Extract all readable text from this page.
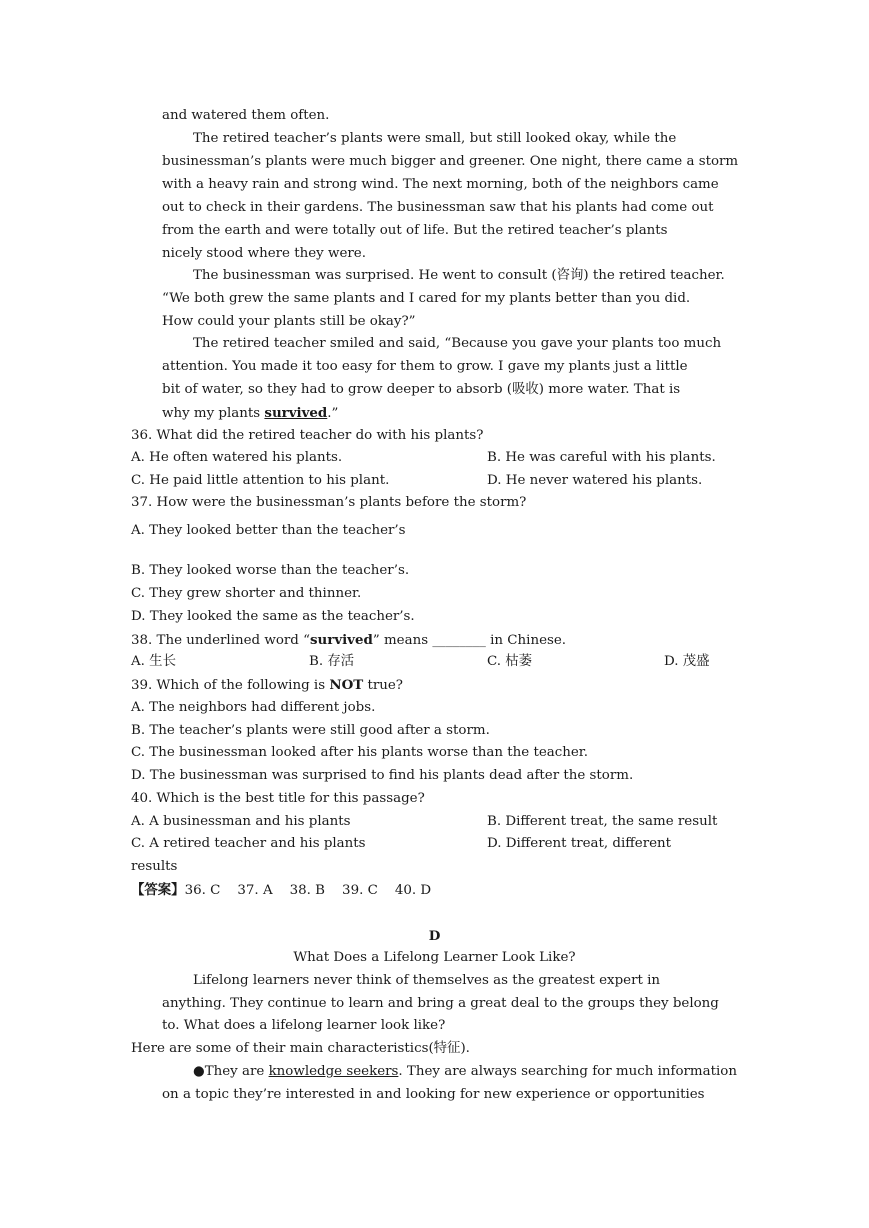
and watered them often.
The retired teacher’s plants were small, but still looked okay, while the
businessman’s plants were much bigger and greener. One night, there came a storm
with a heavy rain and strong wind. The next morning, both of the neighbors came
out to check in their gardens. The businessman saw that his plants had come out
from the earth and were totally out of life. But the retired teacher’s plants
nicely stood where they were.
The businessman was surprised. He went to consult (咨询) the retired teacher.
“We both grew the same plants and I cared for my plants better than you did.
How could your plants still be okay?”
The retired teacher smiled and said, “Because you gave your plants too much
attention. You made it too easy for them to grow. I gave my plants just a little
bit of water, so they had to grow deeper to absorb (吸收) more water. That is
why my plants survived.”
36. What did the retired teacher do with his plants?
A. He often watered his plants.	B. He was careful with his plants.
C. He paid little attention to his plant.	D. He never watered his plants.
37. How were the businessman’s plants before the storm?
A. They looked better than the teacher’s
B. They looked worse than the teacher’s.
C. They grew shorter and thinner.
D. They looked the same as the teacher’s.
38. The underlined word “survived” means ________ in Chinese.
A. 生长	B. 存活	C. 枯萎	D. 茂盛
39. Which of the following is NOT true?
A. The neighbors had different jobs.
B. The teacher’s plants were still good after a storm.
C. The businessman looked after his plants worse than the teacher.
D. The businessman was surprised to find his plants dead after the storm.
40. Which is the best title for this passage?
A. A businessman and his plants	B. Different treat, the same result
C. A retired teacher and his plants	D. Different treat, different
results
【答案】36. C    37. A    38. B    39. C    40. D
D
What Does a Lifelong Learner Look Like?
Lifelong learners never think of themselves as the greatest expert in
anything. They continue to learn and bring a great deal to the groups they belong
to. What does a lifelong learner look like?
Here are some of their main characteristics(特征).
●They are knowledge seekers. They are always searching for much information
on a topic they’re interested in and looking for new experience or opportunities
